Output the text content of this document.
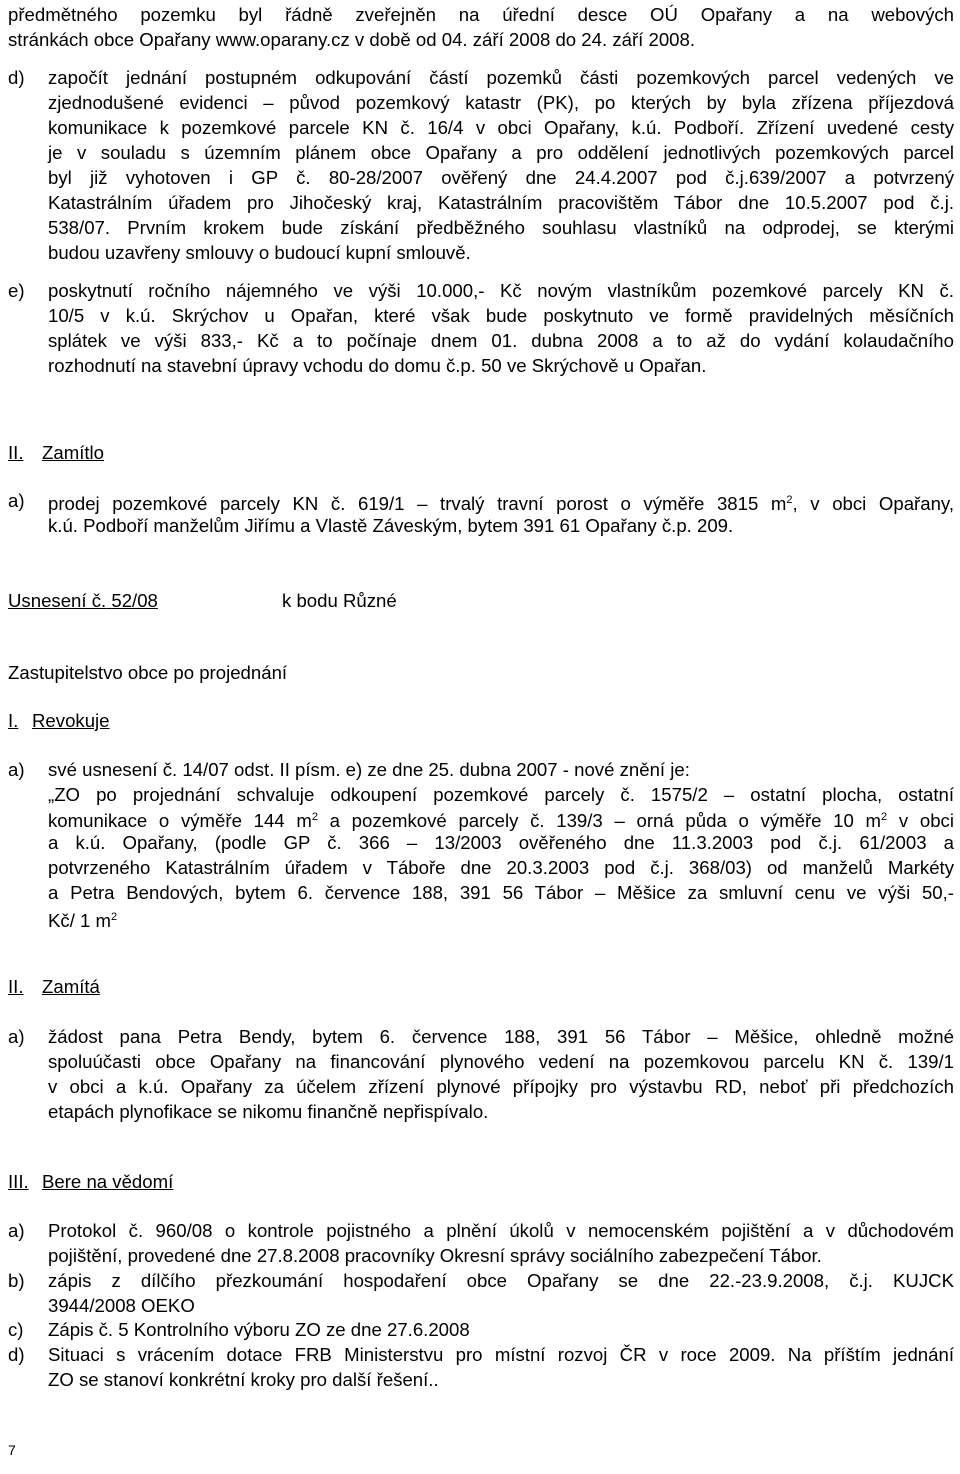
předmětného pozemku byl řádně zveřejněn na úřední desce OÚ Opařany a na webových
stránkách obce Opařany www.oparany.cz v době od 04. září 2008 do 24. září 2008.
d) započít jednání postupném odkupování částí pozemků části pozemkových parcel vedených ve
zjednodušené evidenci – původ pozemkový katastr (PK), po kterých by byla zřízena příjezdová
komunikace k pozemkové parcele KN č. 16/4 v obci Opařany, k.ú. Podboří. Zřízení uvedené cesty
je v souladu s územním plánem obce Opařany a pro oddělení jednotlivých pozemkových parcel
byl již vyhotoven i GP č. 80-28/2007 ověřený dne 24.4.2007 pod č.j.639/2007 a potvrzený
Katastrálním úřadem pro Jihočeský kraj, Katastrálním pracovištěm Tábor dne 10.5.2007 pod č.j.
538/07. Prvním krokem bude získání předběžného souhlasu vlastníků na odprodej, se kterými
budou uzavřeny smlouvy o budoucí kupní smlouvě.
e) poskytnutí ročního nájemného ve výši 10.000,- Kč novým vlastníkům pozemkové parcely KN č.
10/5 v k.ú. Skrýchov u Opařan, které však bude poskytnuto ve formě pravidelných měsíčních
splátek ve výši 833,- Kč a to počínaje dnem 01. dubna 2008 a to až do vydání kolaudačního
rozhodnutí na stavební úpravy vchodu do domu č.p. 50 ve Skrýchově u Opařan.
II. Zamítlo
a) prodej pozemkové parcely KN č. 619/1 – trvalý travní porost o výměře 3815 $m^2$, v obci Opařany,
k.ú. Podboří manželům Jiřímu a Vlastě Záveským, bytem 391 61 Opařany č.p. 209.
Usnesení č. 52/08	k bodu Různé
Zastupitelstvo obce po projednání
I. Revokuje
a) své usnesení č. 14/07 odst. II písm. e) ze dne 25. dubna 2007 - nové znění je:
„ZO po projednání schvaluje odkoupení pozemkové parcely č. 1575/2 – ostatní plocha, ostatní
komunikace o výměře 144 $m^2$ a pozemkové parcely č. 139/3 – orná půda o výměře 10 $m^2$ v obci
a k.ú. Opařany, (podle GP č. 366 – 13/2003 ověřeného dne 11.3.2003 pod č.j. 61/2003 a
potvrzeného Katastrálním úřadem v Táboře dne 20.3.2003 pod č.j. 368/03) od manželů Markéty
a Petra Bendových, bytem 6. července 188, 391 56 Tábor – Měšice za smluvní cenu ve výši 50,-
Kč/ 1 $m^2$
II. Zamítá
a) žádost pana Petra Bendy, bytem 6. července 188, 391 56 Tábor – Měšice, ohledně možné
spoluúčasti obce Opařany na financování plynového vedení na pozemkovou parcelu KN č. 139/1
v obci a k.ú. Opařany za účelem zřízení plynové přípojky pro výstavbu RD, neboť při předchozích
etapách plynofikace se nikomu finančně nepřispívalo.
III. Bere na vědomí
a) Protokol č. 960/08 o kontrole pojistného a plnění úkolů v nemocenském pojištění a v důchodovém
pojištění, provedené dne 27.8.2008 pracovníky Okresní správy sociálního zabezpečení Tábor.
b) zápis z dílčího přezkoumání hospodaření obce Opařany se dne 22.-23.9.2008, č.j. KUJCK
3944/2008 OEKO
c) Zápis č. 5 Kontrolního výboru ZO ze dne 27.6.2008
d) Situaci s vrácením dotace FRB Ministerstvu pro místní rozvoj ČR v roce 2009. Na příštím jednání
ZO se stanoví konkrétní kroky pro další řešení..
7
